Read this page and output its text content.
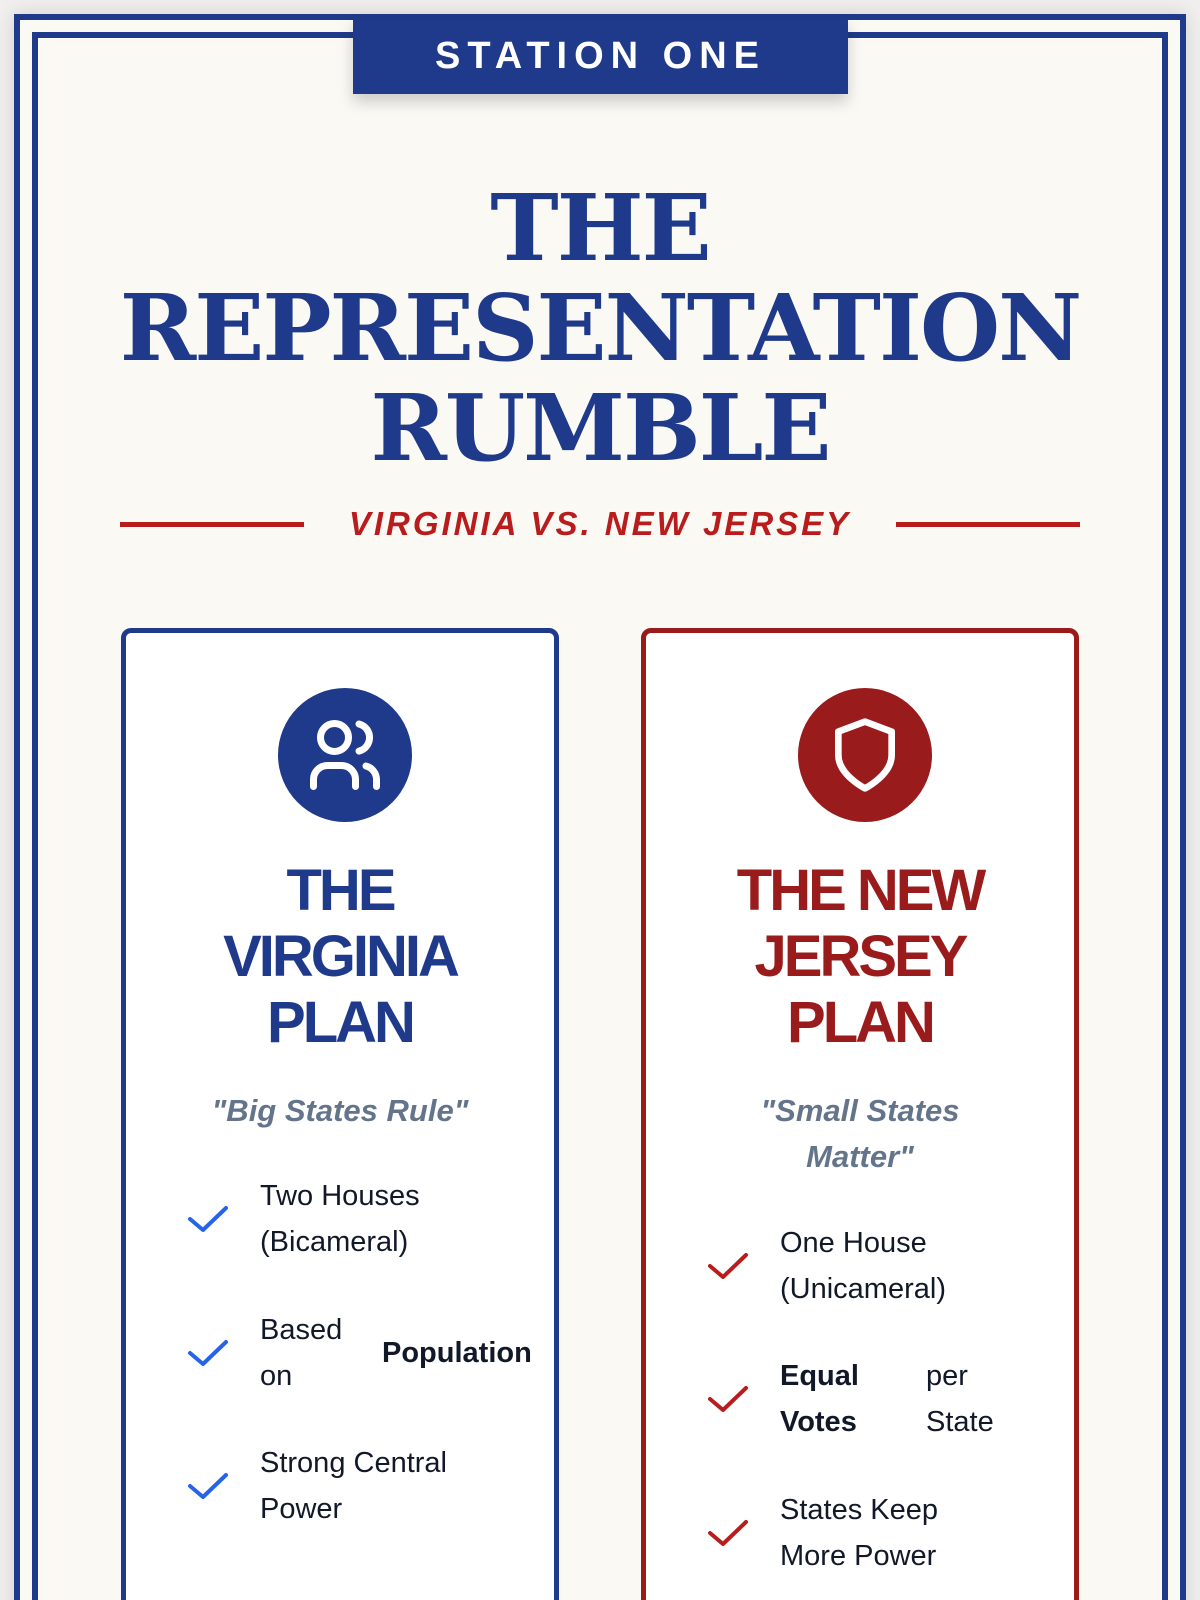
STATION ONE
THE
REPRESENTATION
RUMBLE
VIRGINIA VS. NEW JERSEY
THE
VIRGINIA
PLAN
"Big States Rule"
Two Houses
(Bicameral)
Based
on
Population
Strong Central
Power
THE NEW
JERSEY
PLAN
"Small States
Matter"
One House
(Unicameral)
Equal
Votes
per
State
States Keep
More Power
